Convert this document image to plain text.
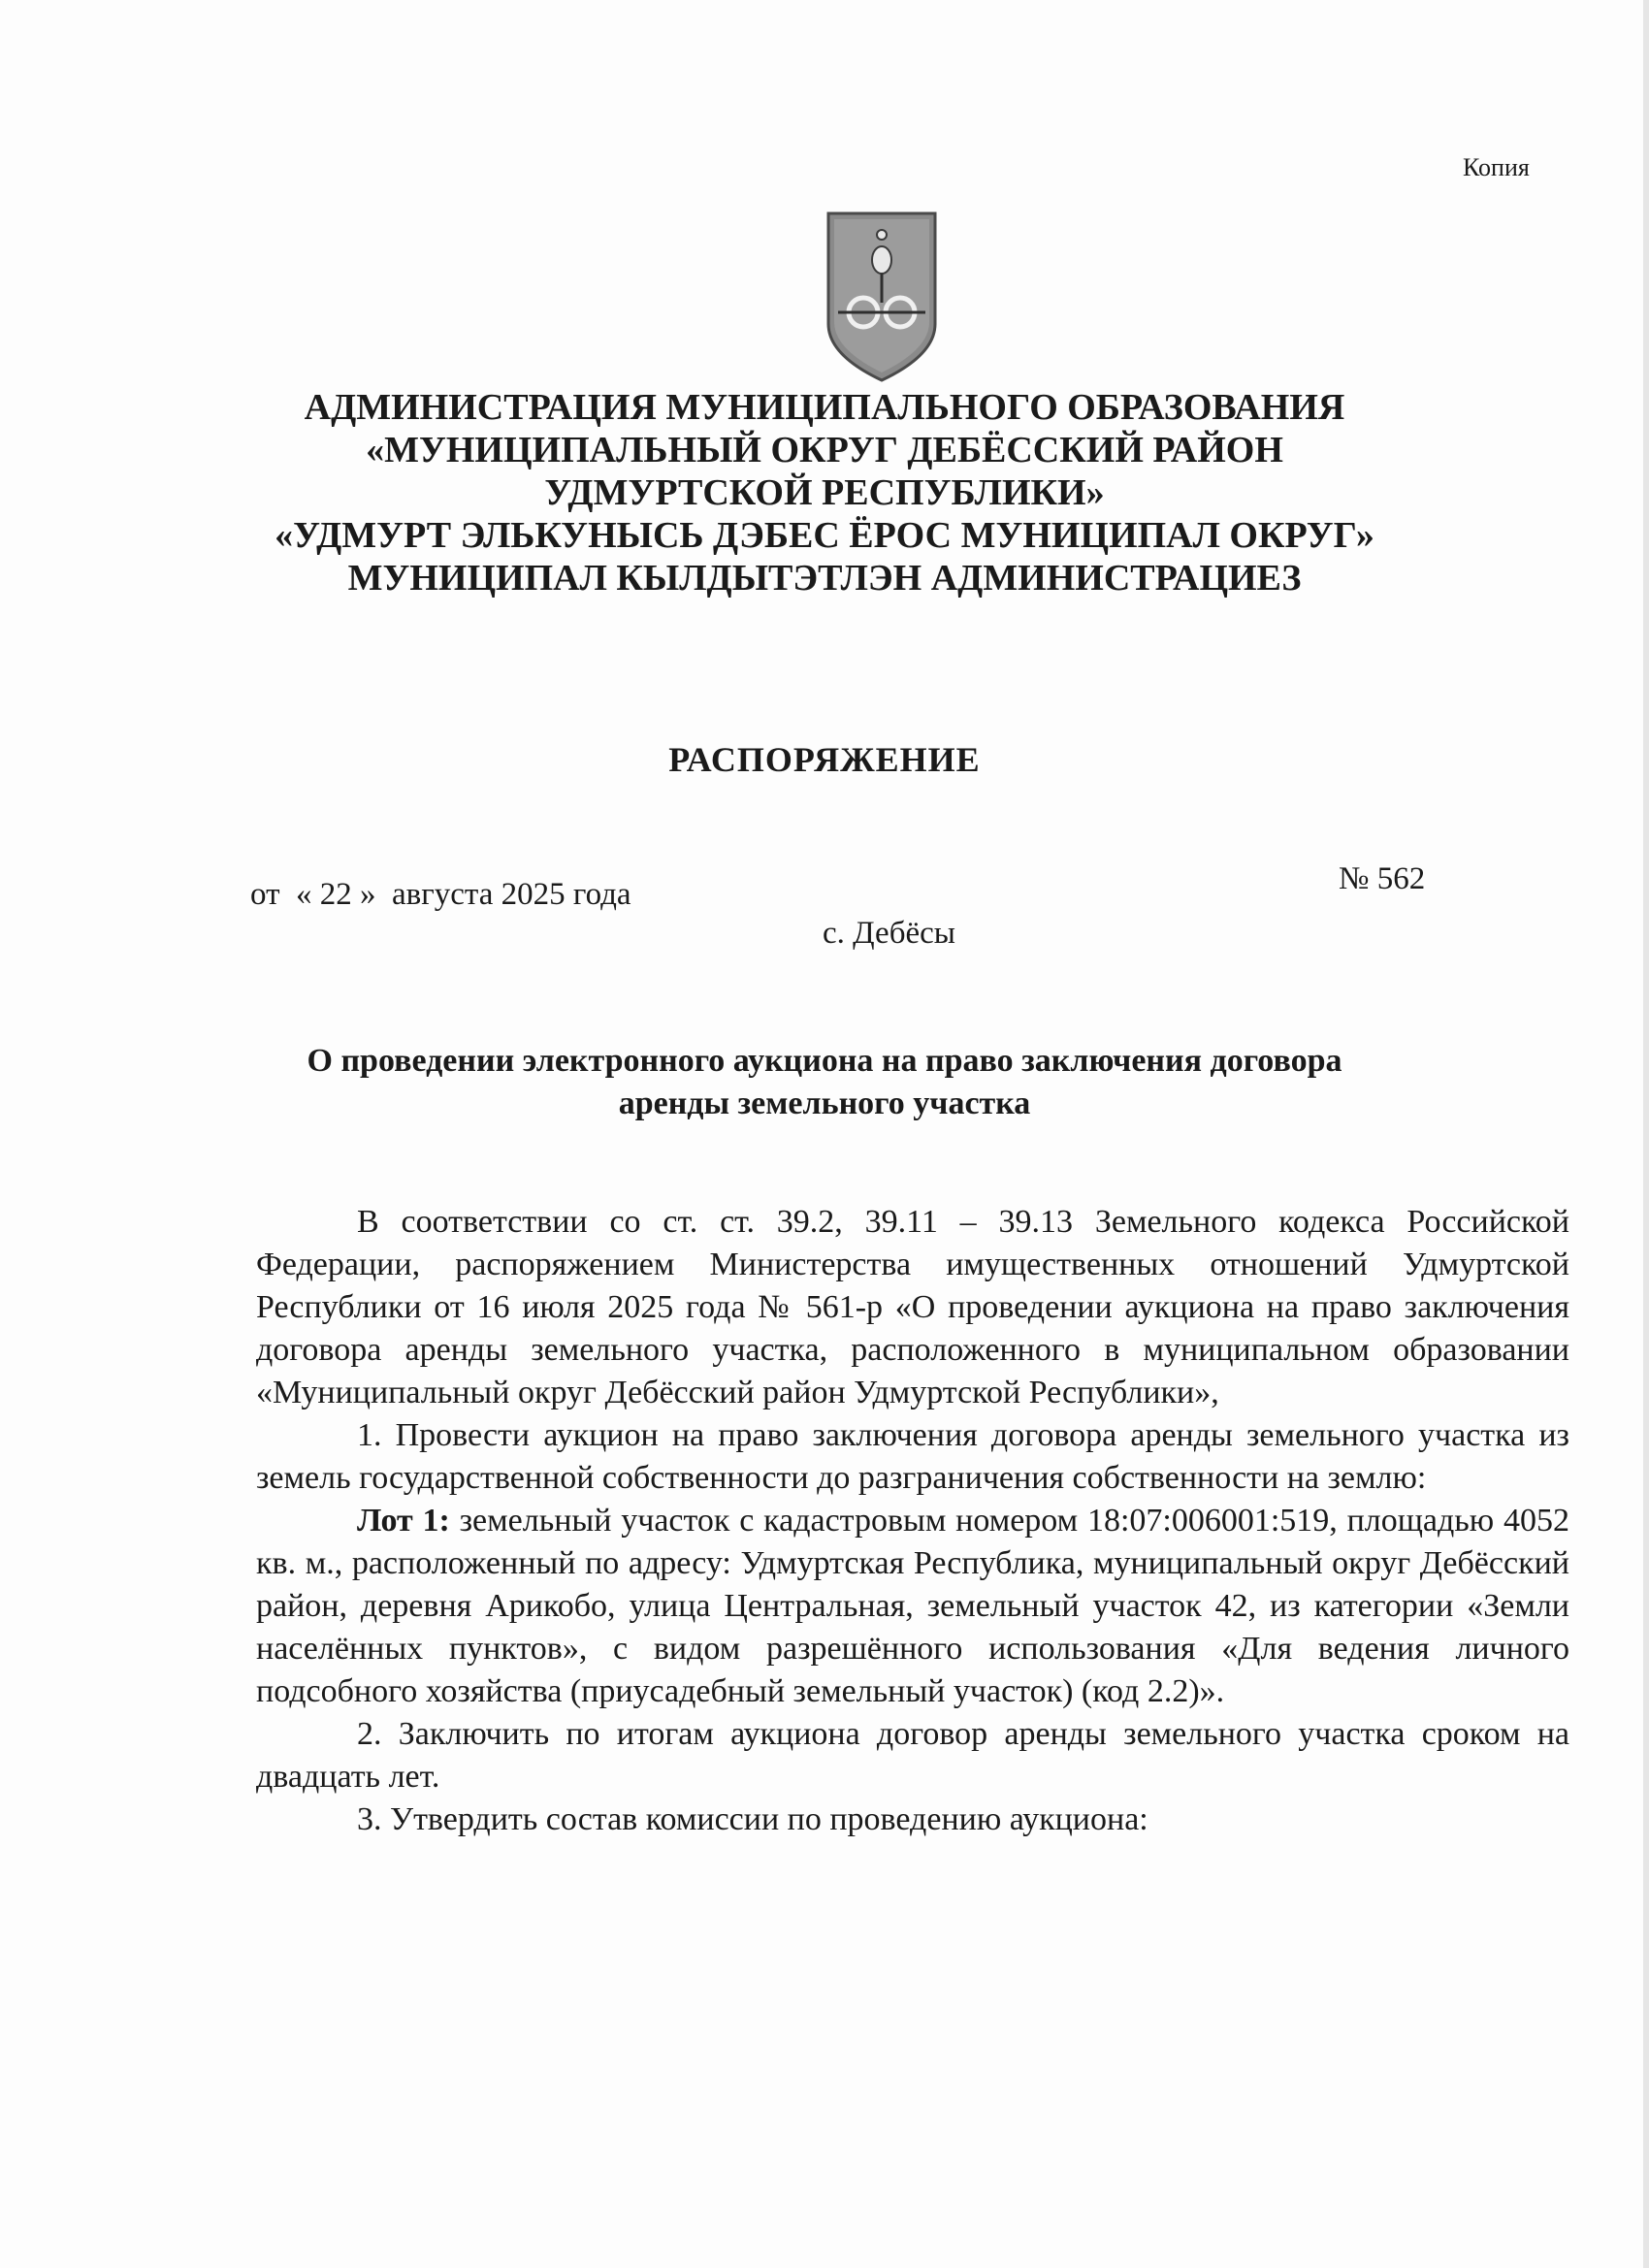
Копия
АДМИНИСТРАЦИЯ МУНИЦИПАЛЬНОГО ОБРАЗОВАНИЯ
«МУНИЦИПАЛЬНЫЙ ОКРУГ ДЕБЁССКИЙ РАЙОН
УДМУРТСКОЙ РЕСПУБЛИКИ»
«УДМУРТ ЭЛЬКУНЫСЬ ДЭБЕС ЁРОС МУНИЦИПАЛ ОКРУГ»
МУНИЦИПАЛ КЫЛДЫТЭТЛЭН АДМИНИСТРАЦИЕЗ
РАСПОРЯЖЕНИЕ
от  « 22 »  августа 2025 года	№ 562
с. Дебёсы
О проведении электронного аукциона на право заключения договора
аренды земельного участка

В соответствии со ст. ст. 39.2, 39.11 – 39.13 Земельного кодекса Российской Федерации, распоряжением Министерства имущественных отношений Удмуртской Республики от 16 июля 2025 года № 561-р «О проведении аукциона на право заключения договора аренды земельного участка, расположенного в муниципальном образовании «Муниципальный округ Дебёсский район Удмуртской Республики»,

1. Провести аукцион на право заключения договора аренды земельного участка из земель государственной собственности до разграничения собственности на землю:

Лот 1: земельный участок с кадастровым номером 18:07:006001:519, площадью 4052 кв. м., расположенный по адресу: Удмуртская Республика, муниципальный округ Дебёсский район, деревня Арикобо, улица Центральная, земельный участок 42, из категории «Земли населённых пунктов», с видом разрешённого использования «Для ведения личного подсобного хозяйства (приусадебный земельный участок) (код 2.2)».

2. Заключить по итогам аукциона договор аренды земельного участка сроком на двадцать лет.

3. Утвердить состав комиссии по проведению аукциона:
